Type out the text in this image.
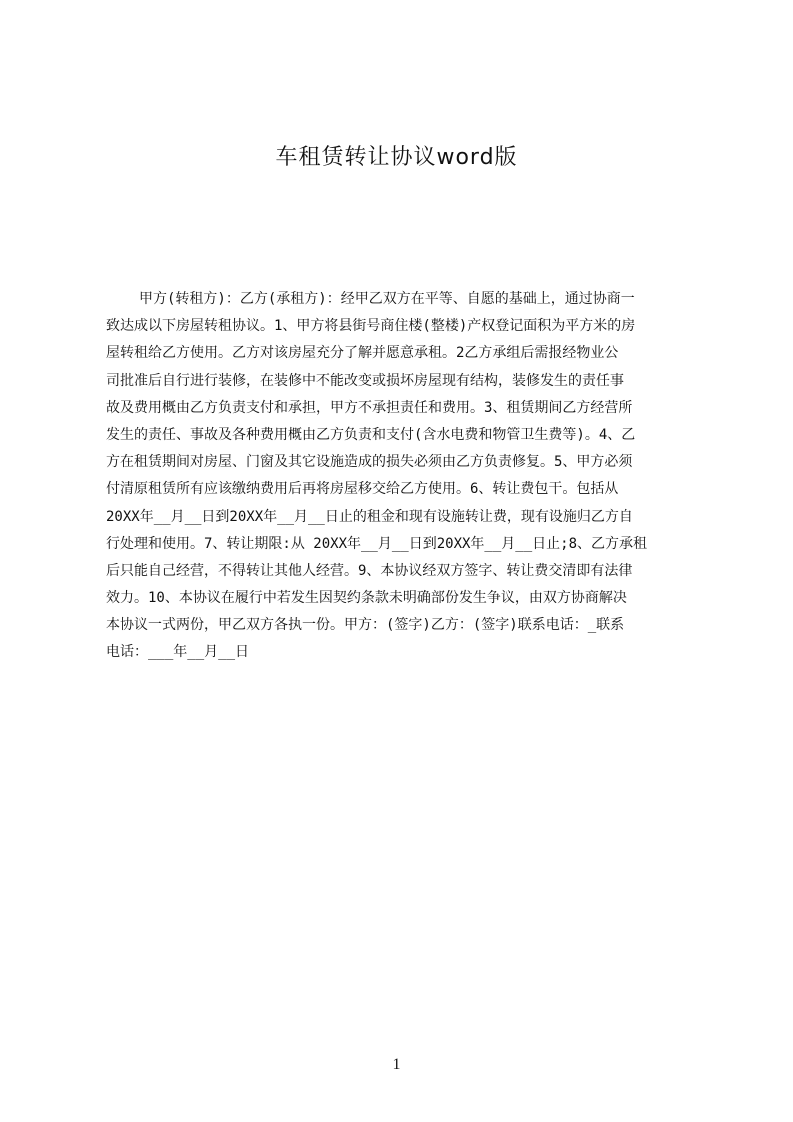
车租赁转让协议word版
甲方(转租方)：乙方(承租方)：经甲乙双方在平等、自愿的基础上，通过协商一
致达成以下房屋转租协议。1、甲方将县街号商住楼(整楼)产权登记面积为平方米的房
屋转租给乙方使用。乙方对该房屋充分了解并愿意承租。2乙方承组后需报经物业公
司批准后自行进行装修，在装修中不能改变或损坏房屋现有结构，装修发生的责任事
故及费用概由乙方负责支付和承担，甲方不承担责任和费用。3、租赁期间乙方经营所
发生的责任、事故及各种费用概由乙方负责和支付(含水电费和物管卫生费等)。4、乙
方在租赁期间对房屋、门窗及其它设施造成的损失必须由乙方负责修复。5、甲方必须
付清原租赁所有应该缴纳费用后再将房屋移交给乙方使用。6、转让费包干。包括从
20XX年__月__日到20XX年__月__日止的租金和现有设施转让费，现有设施归乙方自
行处理和使用。7、转让期限:从 20XX年__月__日到20XX年__月__日止;8、乙方承租
后只能自己经营，不得转让其他人经营。9、本协议经双方签字、转让费交清即有法律
效力。10、本协议在履行中若发生因契约条款未明确部份发生争议，由双方协商解决
本协议一式两份，甲乙双方各执一份。甲方：(签字)乙方：(签字)联系电话：_联系
电话：___年__月__日
1
